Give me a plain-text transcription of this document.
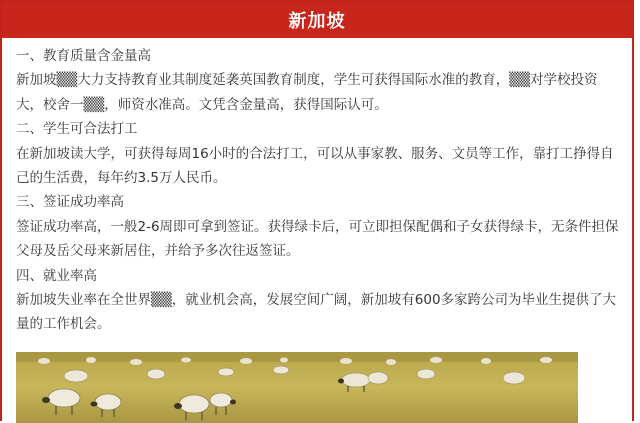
新加坡

一、教育质量含金量高

新加坡▒▒大力支持教育业其制度延袭英国教育制度，学生可获得国际水准的教育，▒▒对学校投资大，校舍一▒▒，师资水准高。文凭含金量高，获得国际认可。

二、学生可合法打工

在新加坡读大学，可获得每周16小时的合法打工，可以从事家教、服务、文员等工作，靠打工挣得自己的生活费，每年约3.5万人民币。

三、签证成功率高

签证成功率高，一般2-6周即可拿到签证。获得绿卡后，可立即担保配偶和子女获得绿卡，无条件担保父母及岳父母来新居住，并给予多次往返签证。

四、就业率高

新加坡失业率在全世界▒▒，就业机会高，发展空间广阔，新加坡有600多家跨公司为毕业生提供了大量的工作机会。
